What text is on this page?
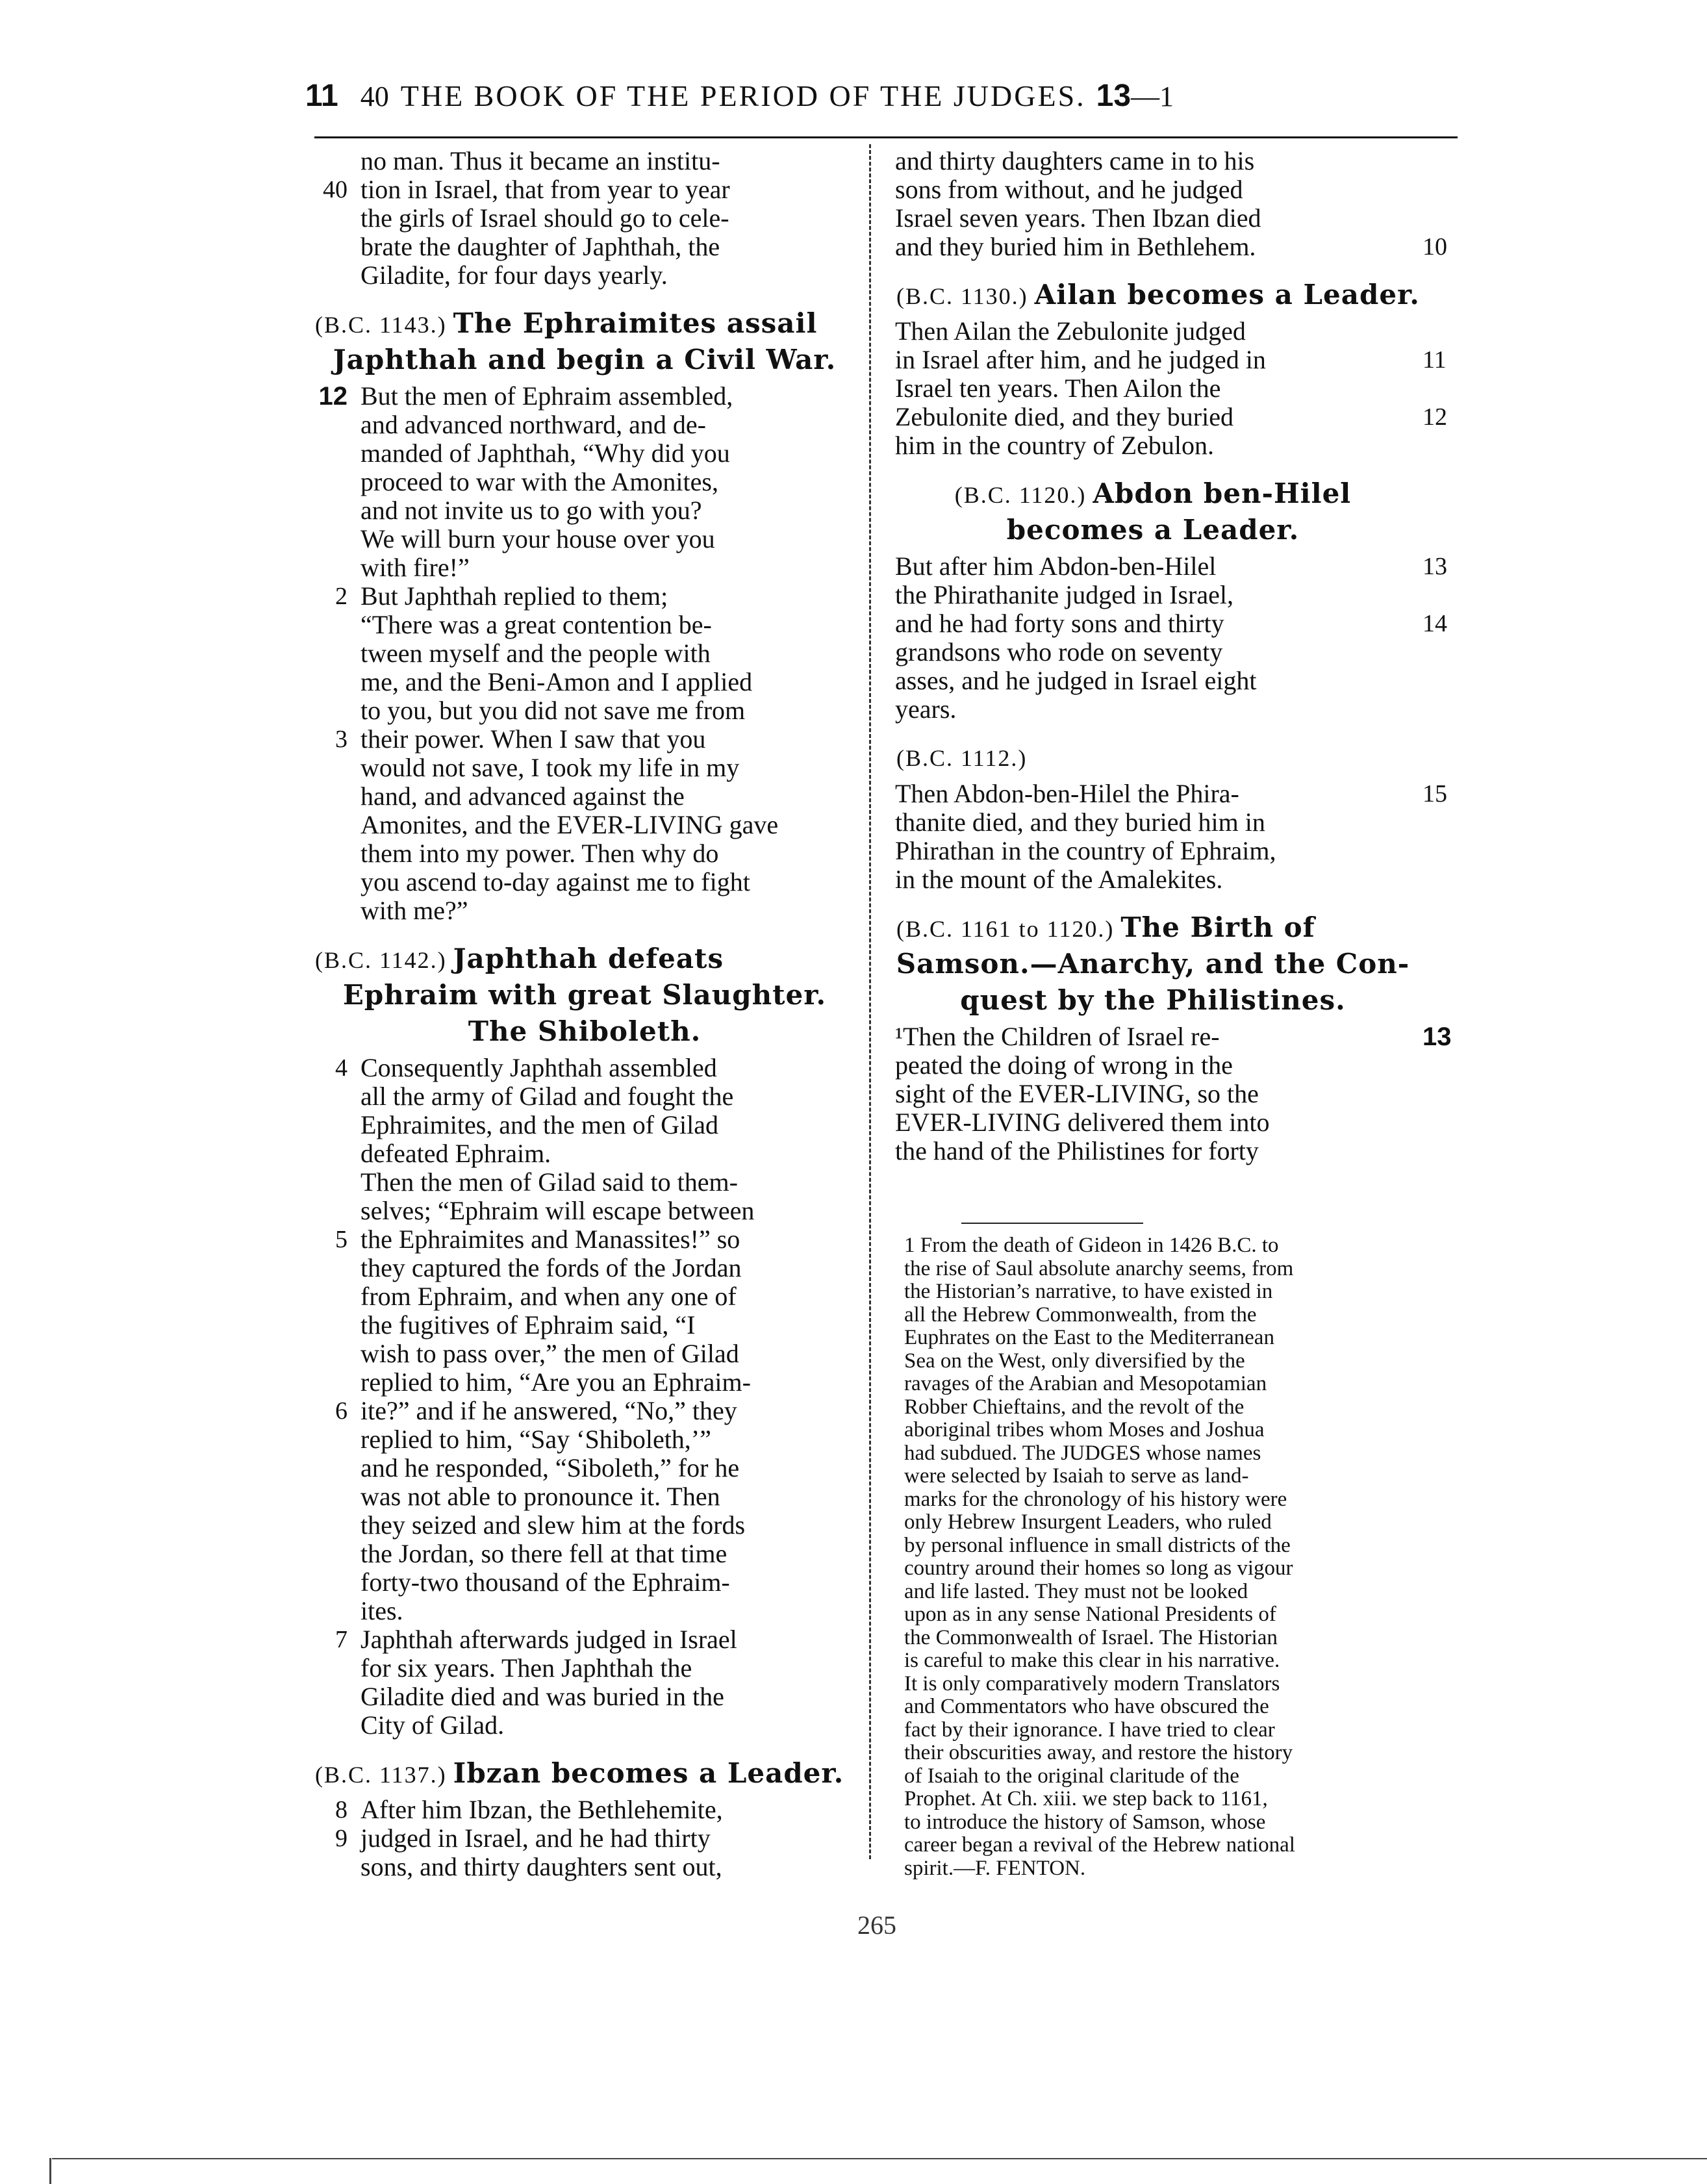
11 40 THE BOOK OF THE PERIOD OF THE JUDGES. 13 —1
no man. Thus it became an institu-
40 tion in Israel, that from year to year
the girls of Israel should go to cele-
brate the daughter of Japhthah, the
Giladite, for four days yearly.
(B.C. 1143.) The Ephraimites assail
Japhthah and begin a Civil War.
12 But the men of Ephraim assembled,
and advanced northward, and de-
manded of Japhthah, “Why did you
proceed to war with the Amonites,
and not invite us to go with you?
We will burn your house over you
with fire!”
2 But Japhthah replied to them;
“There was a great contention be-
tween myself and the people with
me, and the Beni-Amon and I applied
to you, but you did not save me from
3 their power. When I saw that you
would not save, I took my life in my
hand, and advanced against the
Amonites, and the EVER-LIVING gave
them into my power. Then why do
you ascend to-day against me to fight
with me?”
(B.C. 1142.) Japhthah defeats
Ephraim with great Slaughter.
The Shiboleth.
4 Consequently Japhthah assembled
all the army of Gilad and fought the
Ephraimites, and the men of Gilad
defeated Ephraim.
Then the men of Gilad said to them-
selves; “Ephraim will escape between
5 the Ephraimites and Manassites!” so
they captured the fords of the Jordan
from Ephraim, and when any one of
the fugitives of Ephraim said, “I
wish to pass over,” the men of Gilad
replied to him, “Are you an Ephraim-
6 ite?” and if he answered, “No,” they
replied to him, “Say ‘Shiboleth,’”
and he responded, “Siboleth,” for he
was not able to pronounce it. Then
they seized and slew him at the fords
the Jordan, so there fell at that time
forty-two thousand of the Ephraim-
ites.
7 Japhthah afterwards judged in Israel
for six years. Then Japhthah the
Giladite died and was buried in the
City of Gilad.
(B.C. 1137.) Ibzan becomes a Leader.
8 After him Ibzan, the Bethlehemite,
9 judged in Israel, and he had thirty
sons, and thirty daughters sent out,
and thirty daughters came in to his
sons from without, and he judged
Israel seven years. Then Ibzan died
10
and they buried him in Bethlehem.
(B.C. 1130.) Ailan becomes a Leader.
Then Ailan the Zebulonite judged
11
in Israel after him, and he judged in
Israel ten years. Then Ailon the
12
Zebulonite died, and they buried
him in the country of Zebulon.
(B.C. 1120.) Abdon ben-Hilel
becomes a Leader.
13
But after him Abdon-ben-Hilel
the Phirathanite judged in Israel,
14
and he had forty sons and thirty
grandsons who rode on seventy
asses, and he judged in Israel eight
years.
(B.C. 1112.)
15
Then Abdon-ben-Hilel the Phira-
thanite died, and they buried him in
Phirathan in the country of Ephraim,
in the mount of the Amalekites.
(B.C. 1161 to 1120.) The Birth of
Samson.—Anarchy, and the Con-
quest by the Philistines.
13
¹Then the Children of Israel re-
peated the doing of wrong in the
sight of the EVER-LIVING, so the
EVER-LIVING delivered them into
the hand of the Philistines for forty
1 From the death of Gideon in 1426 B.C. to
the rise of Saul absolute anarchy seems, from
the Historian’s narrative, to have existed in
all the Hebrew Commonwealth, from the
Euphrates on the East to the Mediterranean
Sea on the West, only diversified by the
ravages of the Arabian and Mesopotamian
Robber Chieftains, and the revolt of the
aboriginal tribes whom Moses and Joshua
had subdued. The JUDGES whose names
were selected by Isaiah to serve as land-
marks for the chronology of his history were
only Hebrew Insurgent Leaders, who ruled
by personal influence in small districts of the
country around their homes so long as vigour
and life lasted. They must not be looked
upon as in any sense National Presidents of
the Commonwealth of Israel. The Historian
is careful to make this clear in his narrative.
It is only comparatively modern Translators
and Commentators who have obscured the
fact by their ignorance. I have tried to clear
their obscurities away, and restore the history
of Isaiah to the original claritude of the
Prophet. At Ch. xiii. we step back to 1161,
to introduce the history of Samson, whose
career began a revival of the Hebrew national
spirit.—F. FENTON.
265
